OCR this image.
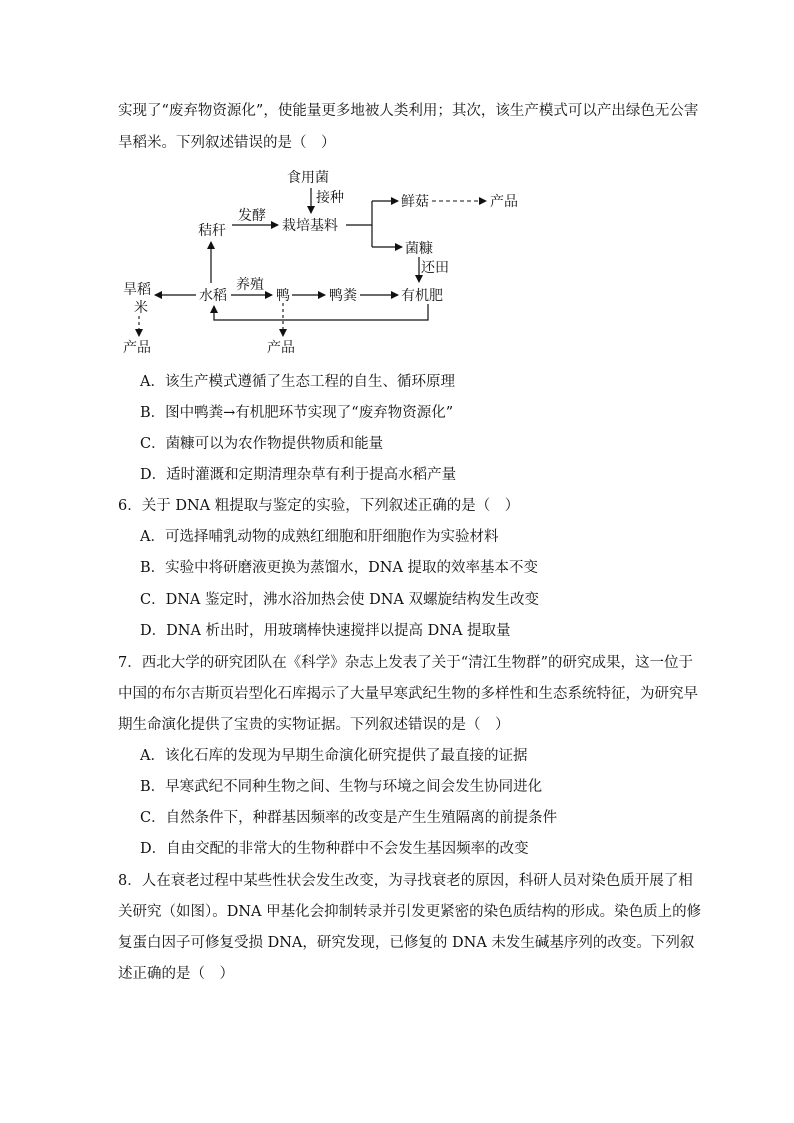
实现了“废弃物资源化”，使能量更多地被人类利用；其次，该生产模式可以产出绿色无公害
旱稻米。下列叙述错误的是（　）
食用菌
接种
秸秆
发酵
栽培基料
鲜菇	产品
菌糠
还田
旱稻
米
水稻
养殖
鸭	鸭粪	有机肥
产品	产品
A．该生产模式遵循了生态工程的自生、循环原理
B．图中鸭粪→有机肥环节实现了“废弃物资源化”
C．菌糠可以为农作物提供物质和能量
D．适时灌溉和定期清理杂草有利于提高水稻产量
6．关于 DNA 粗提取与鉴定的实验，下列叙述正确的是（　）
A．可选择哺乳动物的成熟红细胞和肝细胞作为实验材料
B．实验中将研磨液更换为蒸馏水，DNA 提取的效率基本不变
C．DNA 鉴定时，沸水浴加热会使 DNA 双螺旋结构发生改变
D．DNA 析出时，用玻璃棒快速搅拌以提高 DNA 提取量
7．西北大学的研究团队在《科学》杂志上发表了关于“清江生物群”的研究成果，这一位于
中国的布尔吉斯页岩型化石库揭示了大量早寒武纪生物的多样性和生态系统特征，为研究早
期生命演化提供了宝贵的实物证据。下列叙述错误的是（　）
A．该化石库的发现为早期生命演化研究提供了最直接的证据
B．早寒武纪不同种生物之间、生物与环境之间会发生协同进化
C．自然条件下，种群基因频率的改变是产生生殖隔离的前提条件
D．自由交配的非常大的生物种群中不会发生基因频率的改变
8．人在衰老过程中某些性状会发生改变，为寻找衰老的原因，科研人员对染色质开展了相
关研究（如图）。DNA 甲基化会抑制转录并引发更紧密的染色质结构的形成。染色质上的修
复蛋白因子可修复受损 DNA，研究发现，已修复的 DNA 未发生碱基序列的改变。下列叙
述正确的是（　）
